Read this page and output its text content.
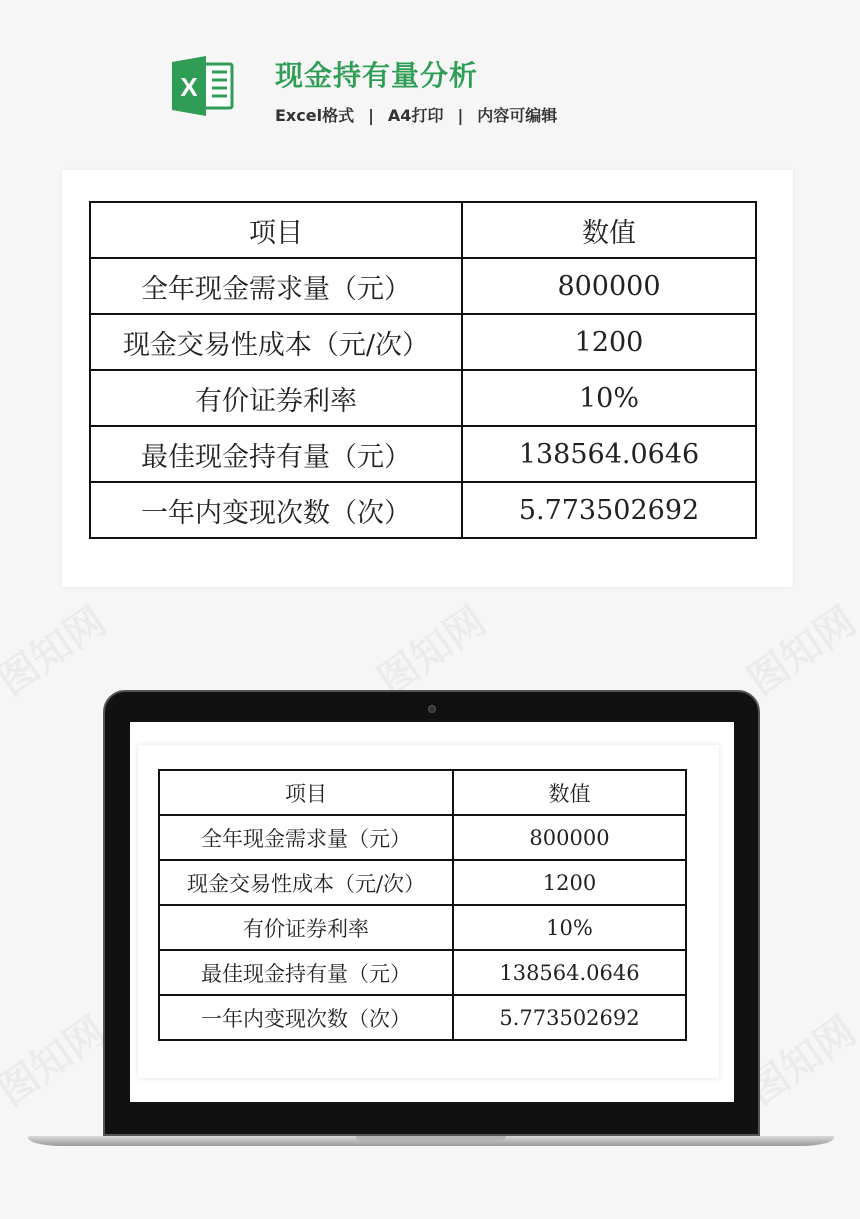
X	现金持有量分析
Excel格式 | A4打印 | 内容可编辑
项目	数值
全年现金需求量（元）	800000
现金交易性成本（元/次）	1200
有价证券利率	10%
最佳现金持有量（元）	138564.0646
一年内变现次数（次）	5.773502692
项目	数值
全年现金需求量（元）	800000
现金交易性成本（元/次）	1200
有价证券利率	10%
最佳现金持有量（元）	138564.0646
一年内变现次数（次）	5.773502692
